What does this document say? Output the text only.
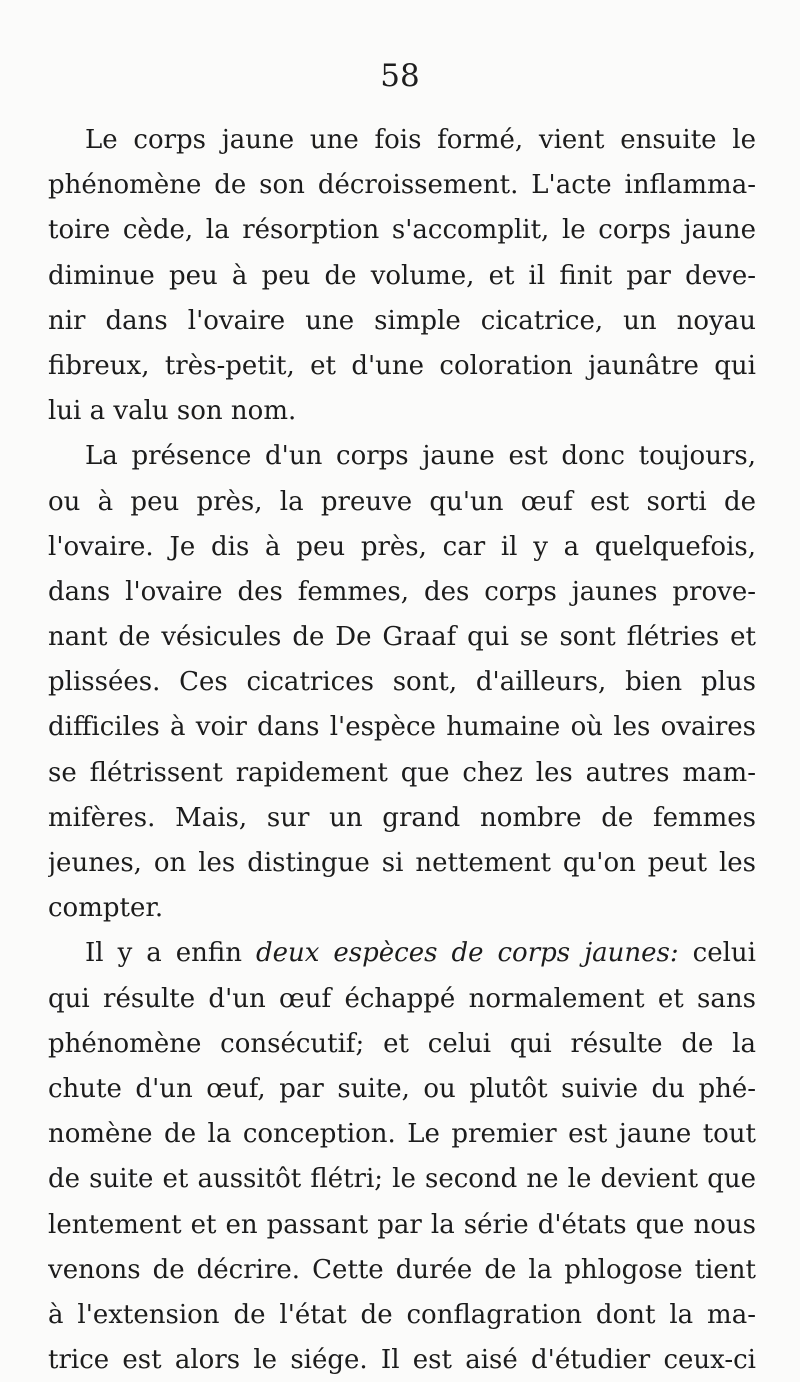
58
Le corps jaune une fois formé, vient ensuite le
phénomène de son décroissement. L'acte inflamma-
toire cède, la résorption s'accomplit, le corps jaune
diminue peu à peu de volume, et il finit par deve-
nir dans l'ovaire une simple cicatrice, un noyau
fibreux, très-petit, et d'une coloration jaunâtre qui
lui a valu son nom.
La présence d'un corps jaune est donc toujours,
ou à peu près, la preuve qu'un œuf est sorti de
l'ovaire. Je dis à peu près, car il y a quelquefois,
dans l'ovaire des femmes, des corps jaunes prove-
nant de vésicules de De Graaf qui se sont flétries et
plissées. Ces cicatrices sont, d'ailleurs, bien plus
difficiles à voir dans l'espèce humaine où les ovaires
se flétrissent rapidement que chez les autres mam-
mifères. Mais, sur un grand nombre de femmes
jeunes, on les distingue si nettement qu'on peut les
compter.
Il y a enfin deux espèces de corps jaunes: celui
qui résulte d'un œuf échappé normalement et sans
phénomène consécutif; et celui qui résulte de la
chute d'un œuf, par suite, ou plutôt suivie du phé-
nomène de la conception. Le premier est jaune tout
de suite et aussitôt flétri; le second ne le devient que
lentement et en passant par la série d'états que nous
venons de décrire. Cette durée de la phlogose tient
à l'extension de l'état de conflagration dont la ma-
trice est alors le siége. Il est aisé d'étudier ceux-ci
